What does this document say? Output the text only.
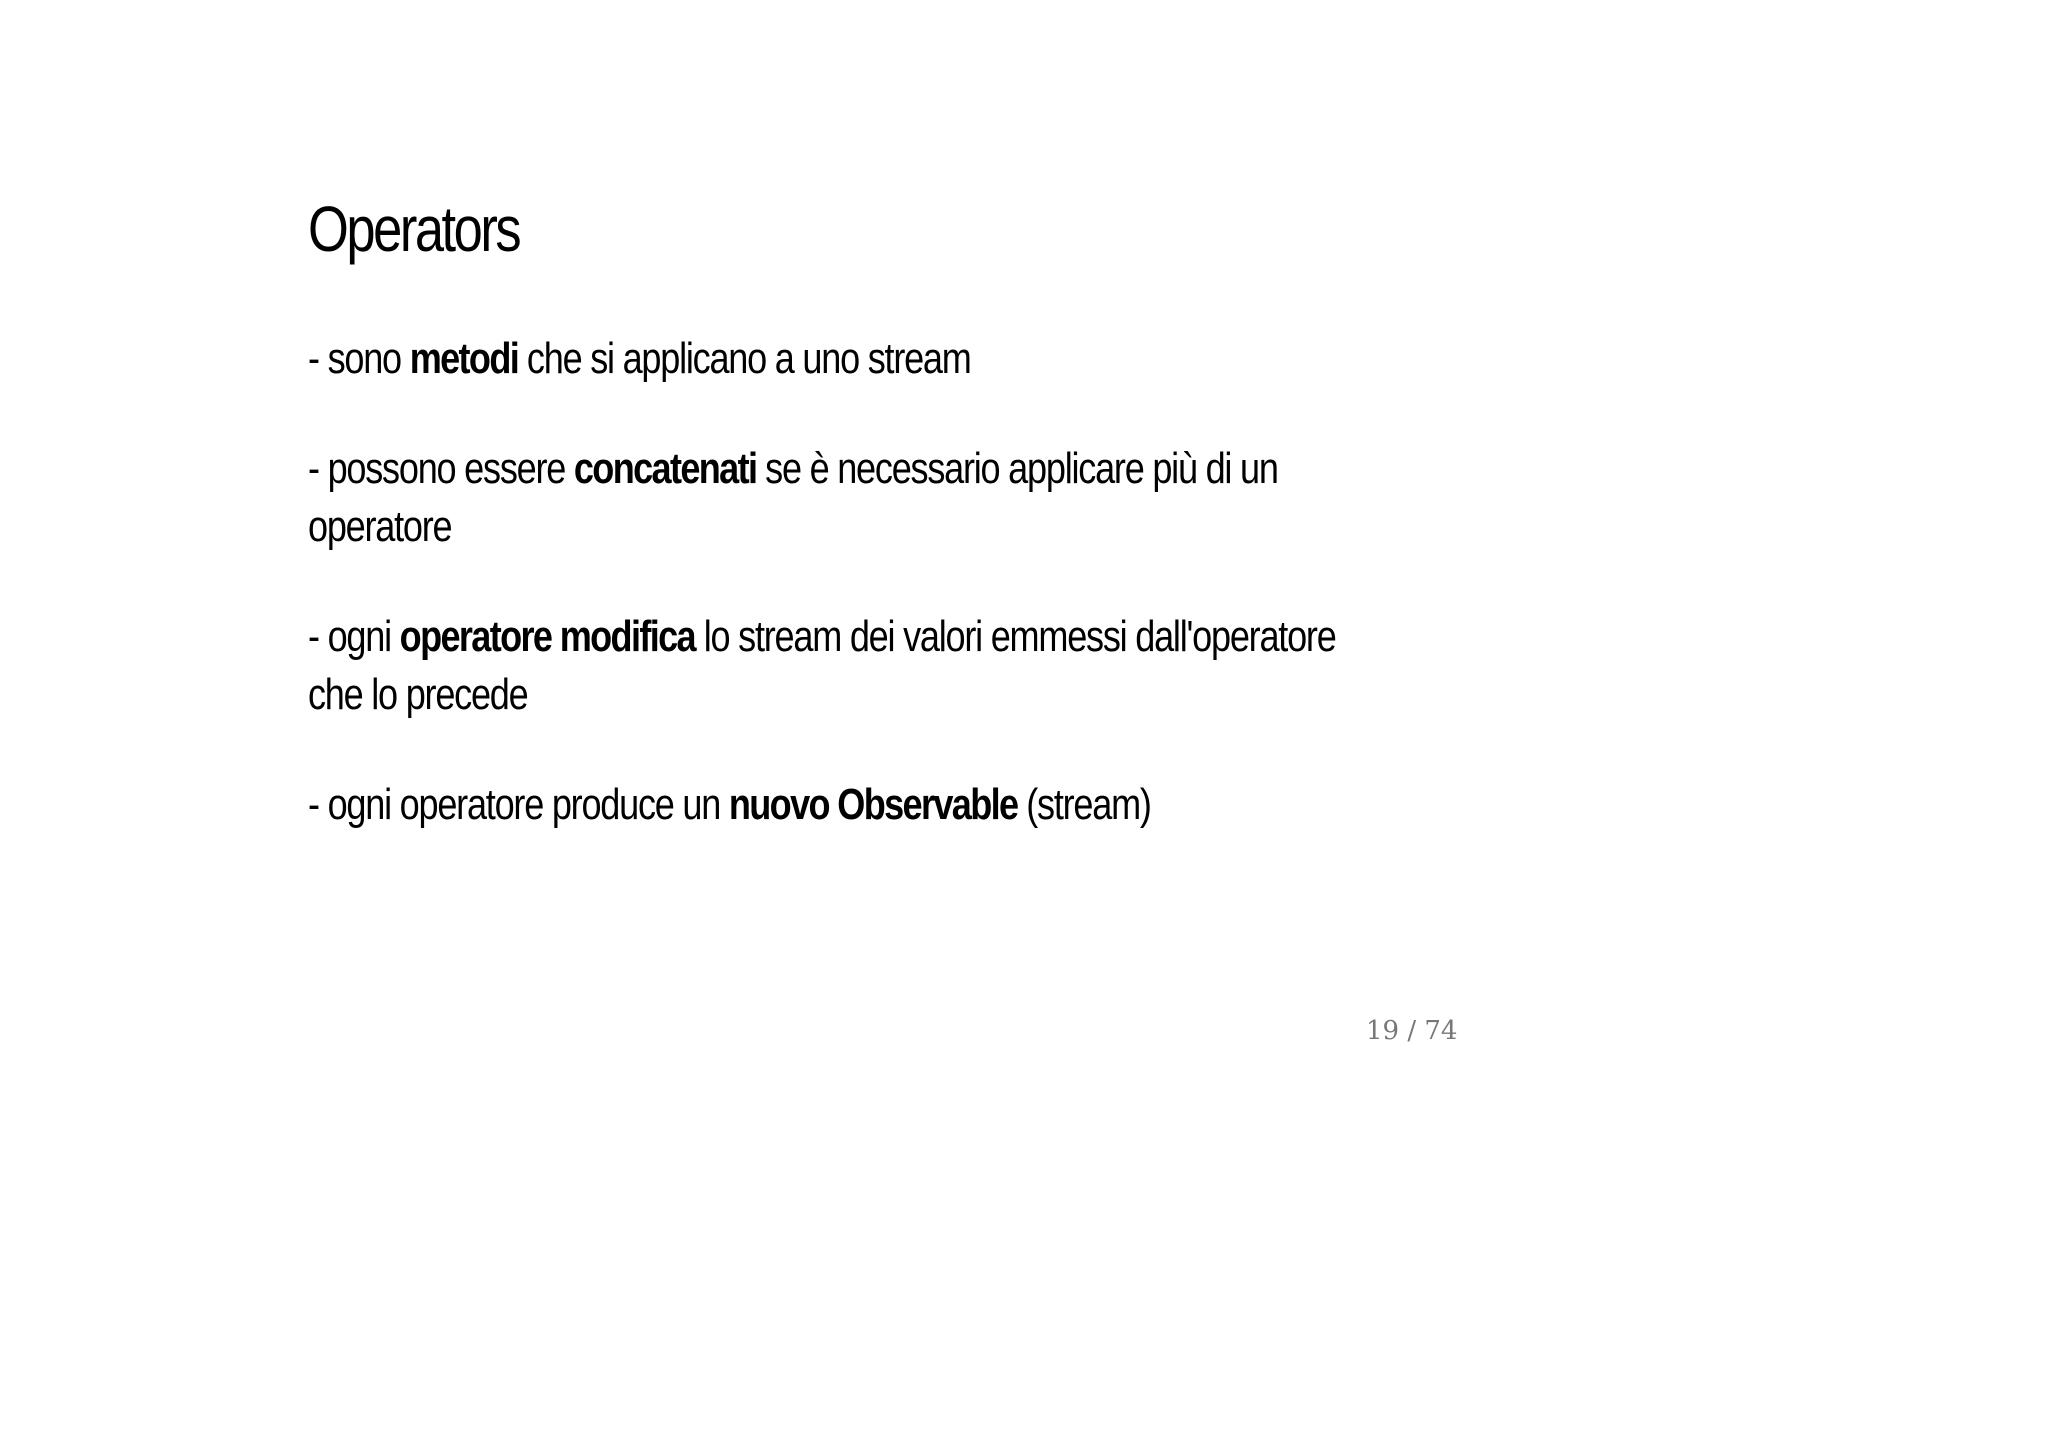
Operators
- sono metodi che si applicano a uno stream
- possono essere concatenati se è necessario applicare più di un operatore
- ogni operatore modifica lo stream dei valori emmessi dall'operatore che lo precede
- ogni operatore produce un nuovo Observable (stream)
19 / 74
